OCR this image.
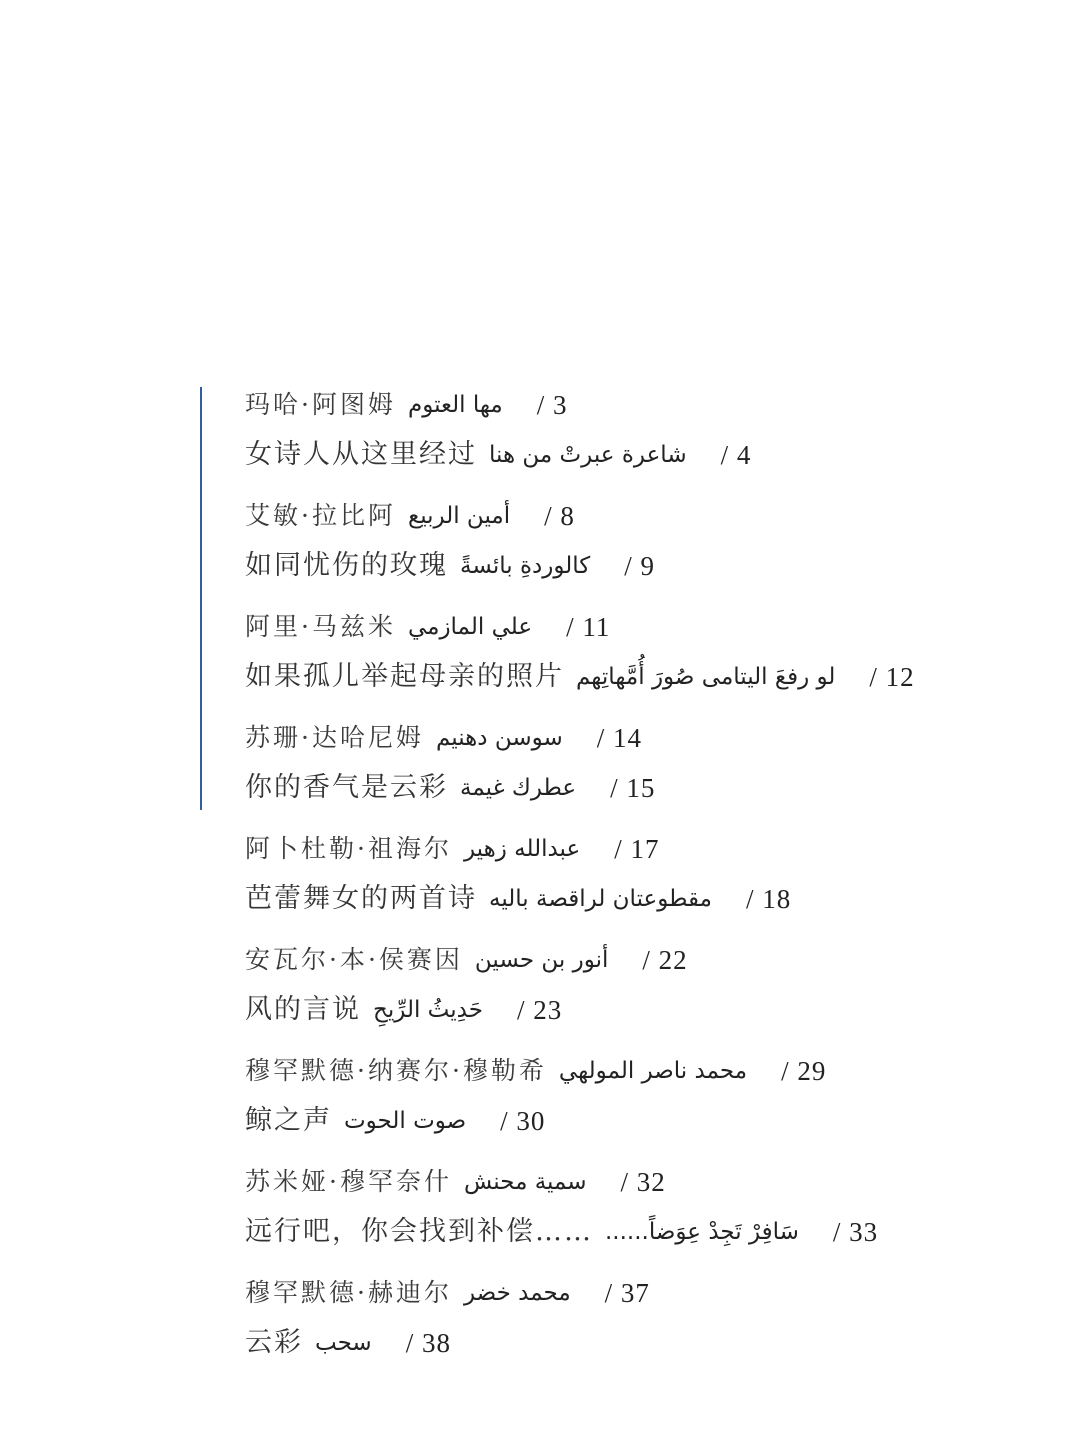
玛哈·阿图姆 مها العتوم / 3
女诗人从这里经过 شاعرة عبرتْ من هنا / 4
艾敏·拉比阿 أمين الربيع / 8
如同忧伤的玫瑰 كالوردةِ بائسةً / 9
阿里·马兹米 علي المازمي / 11
如果孤儿举起母亲的照片 لو رفعَ اليتامى صُورَ أُمَّهاتِهم / 12
苏珊·达哈尼姆 سوسن دهنيم / 14
你的香气是云彩 عطرك غيمة / 15
阿卜杜勒·祖海尔 عبدالله زهير / 17
芭蕾舞女的两首诗 مقطوعتان لراقصة باليه / 18
安瓦尔·本·侯赛因 أنور بن حسين / 22
风的言说 حَدِيثُ الرِّيحِ / 23
穆罕默德·纳赛尔·穆勒希 محمد ناصر المولهي / 29
鲸之声 صوت الحوت / 30
苏米娅·穆罕奈什 سمية محنش / 32
远行吧，你会找到补偿…… سَافِرْ تَجِدْ عِوَضاً...... / 33
穆罕默德·赫迪尔 محمد خضر / 37
云彩 سحب / 38
